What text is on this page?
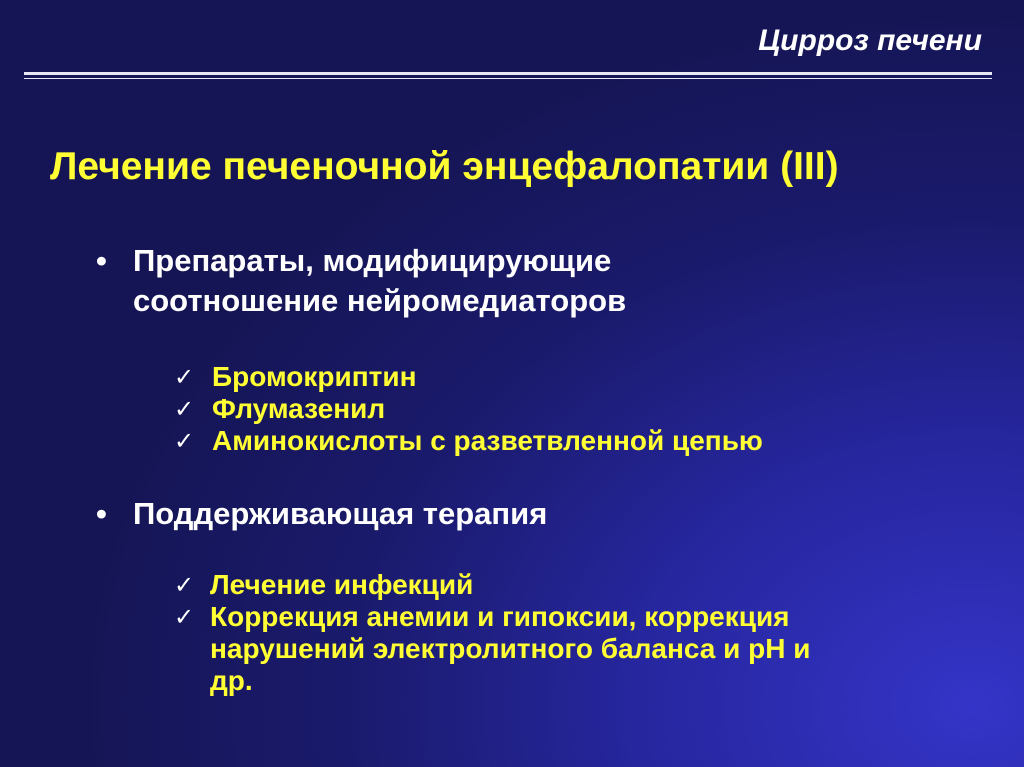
Цирроз печени
Лечение печеночной энцефалопатии (III)
• Препараты, модифицирующие
соотношение нейромедиаторов
✓ Бромокриптин
✓ Флумазенил
✓ Аминокислоты с разветвленной цепью
• Поддерживающая терапия
✓ Лечение инфекций
✓ Коррекция анемии и гипоксии, коррекция
нарушений электролитного баланса и рН и
др.
